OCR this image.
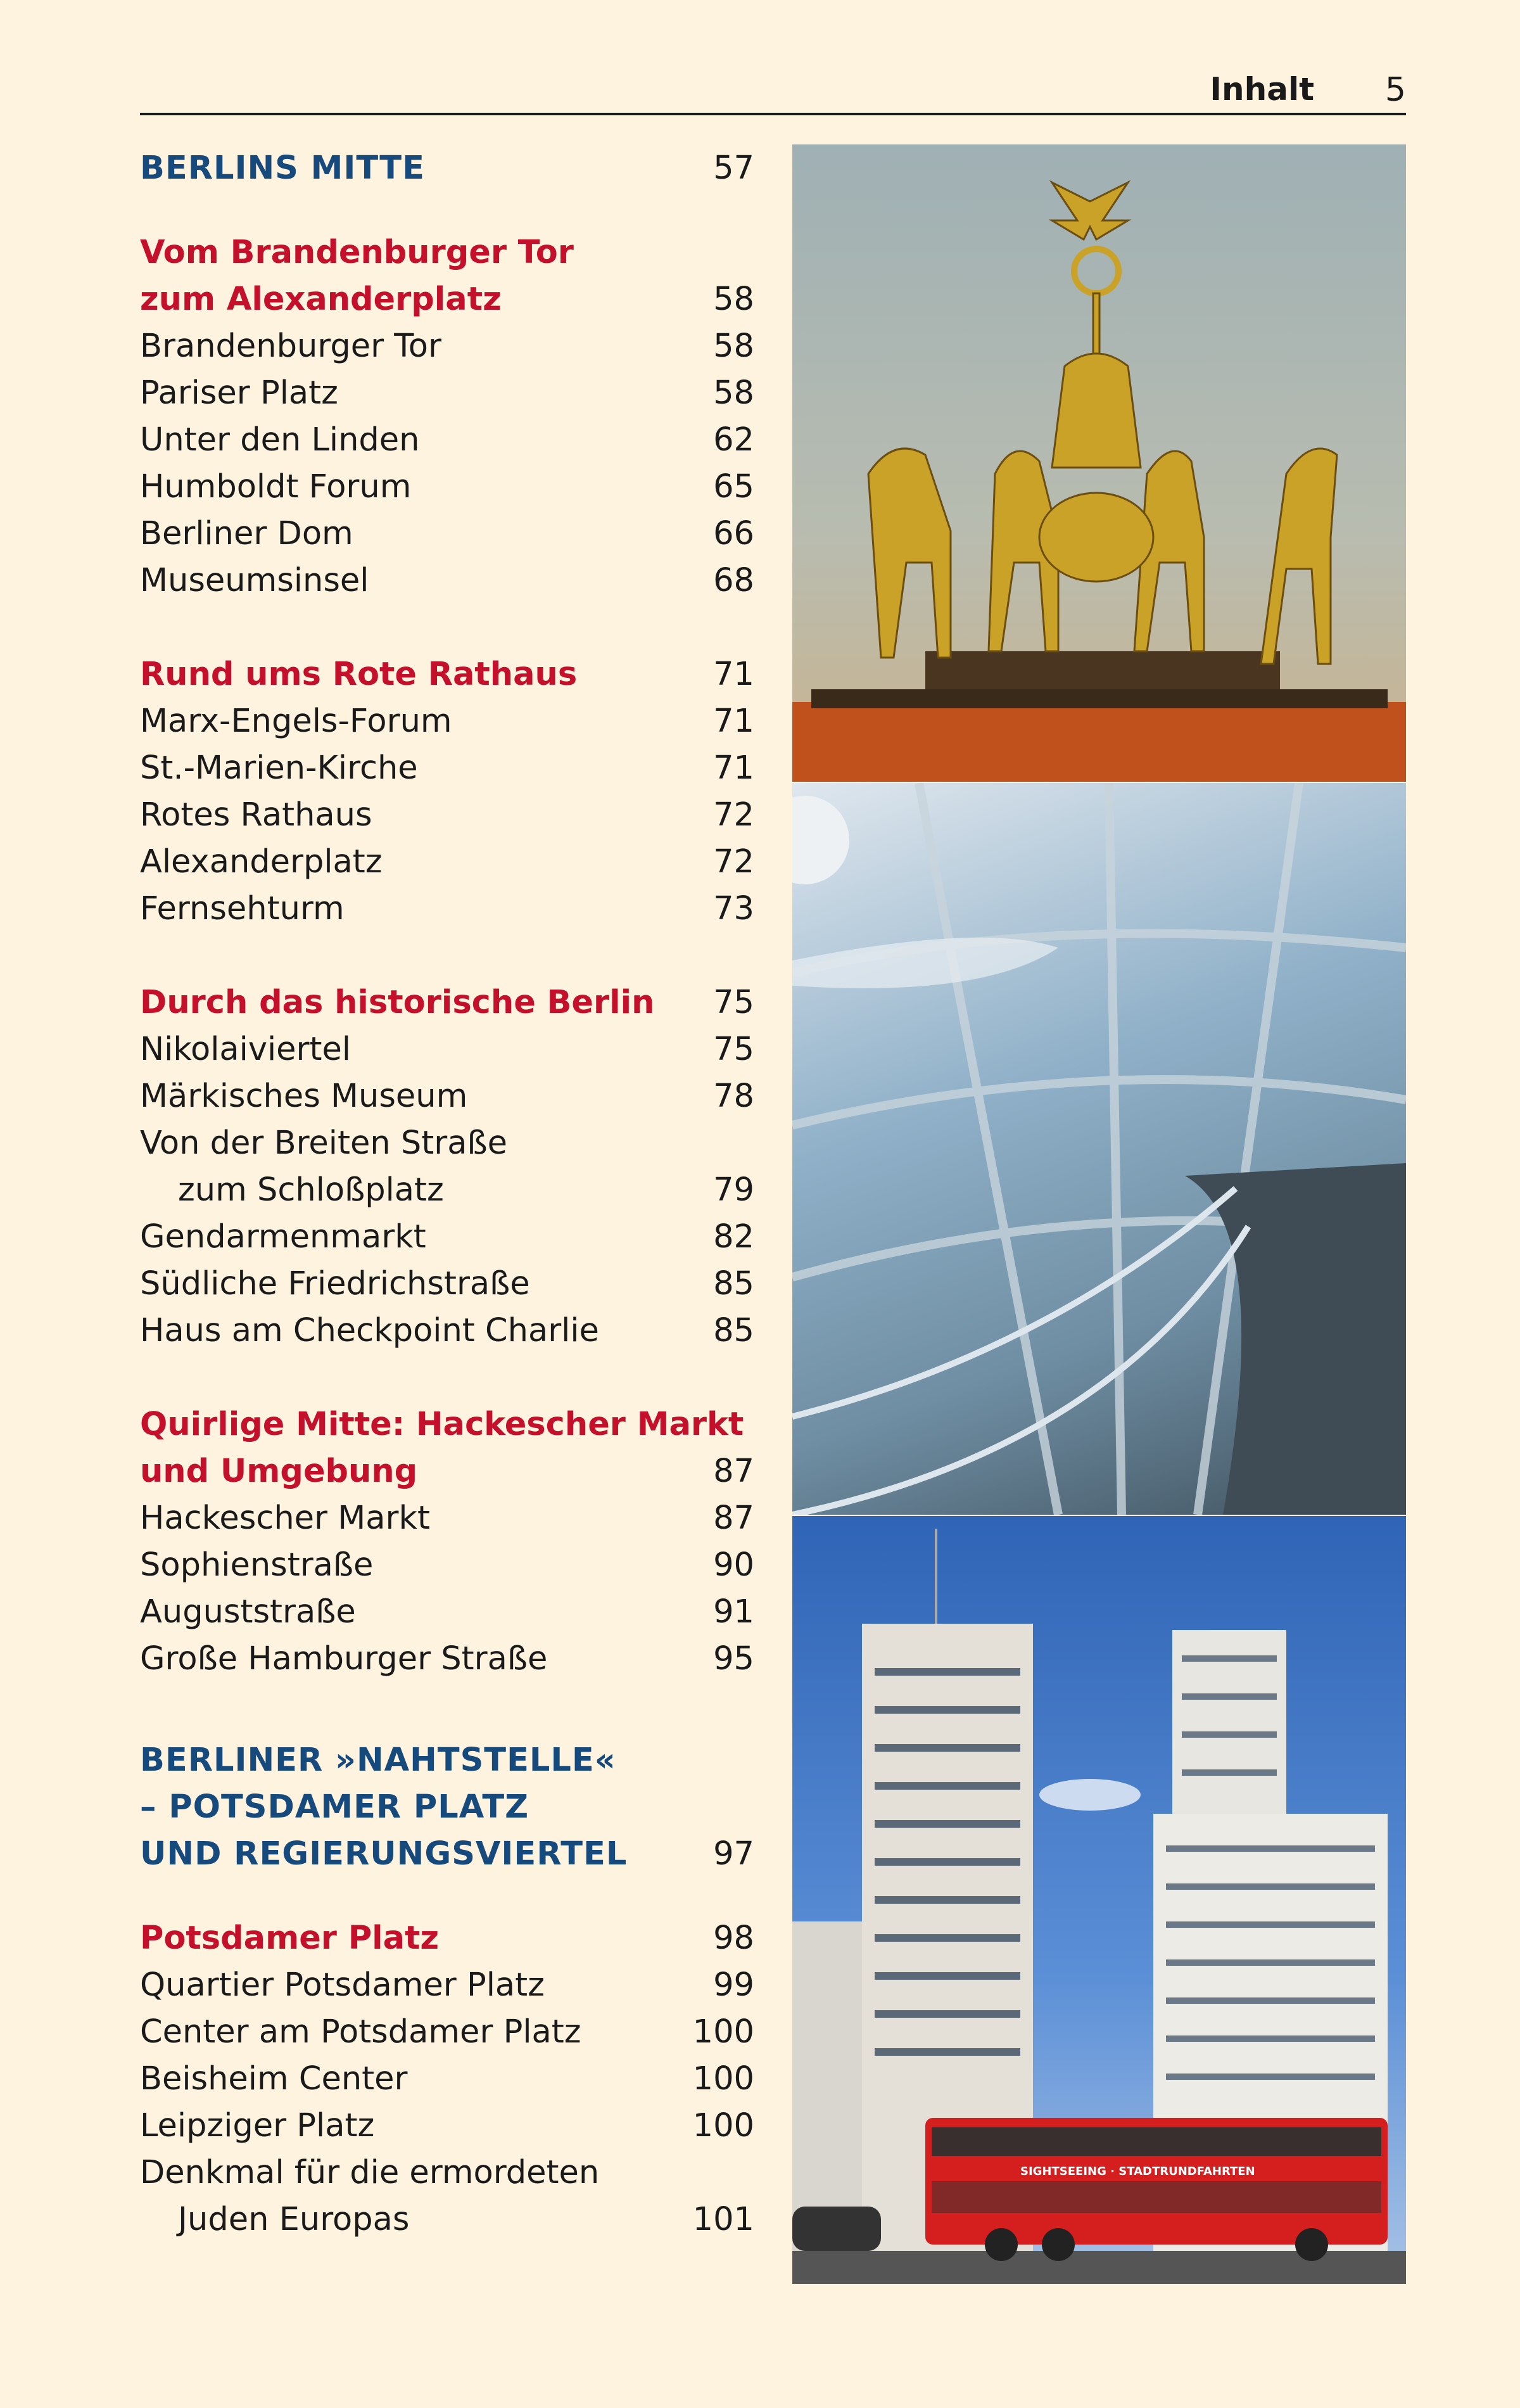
Inhalt 5
BERLINS MITTE	57
Vom Brandenburger Tor
zum Alexanderplatz	58
Brandenburger Tor	58
Pariser Platz	58
Unter den Linden	62
Humboldt Forum	65
Berliner Dom	66
Museumsinsel	68
Rund ums Rote Rathaus	71
Marx-Engels-Forum	71
St.-Marien-Kirche	71
Rotes Rathaus	72
Alexanderplatz	72
Fernsehturm	73
Durch das historische Berlin	75
Nikolaiviertel	75
Märkisches Museum	78
Von der Breiten Straße
zum Schloßplatz	79
Gendarmenmarkt	82
Südliche Friedrichstraße	85
Haus am Checkpoint Charlie	85
Quirlige Mitte: Hackescher Markt
und Umgebung	87
Hackescher Markt	87
Sophienstraße	90
Auguststraße	91
Große Hamburger Straße	95
BERLINER »NAHTSTELLE«
– POTSDAMER PLATZ
UND REGIERUNGSVIERTEL	97
Potsdamer Platz	98
Quartier Potsdamer Platz	99
Center am Potsdamer Platz	100
Beisheim Center	100
Leipziger Platz	100
Denkmal für die ermordeten
Juden Europas	101
SIGHTSEEING · STADTRUNDFAHRTEN
